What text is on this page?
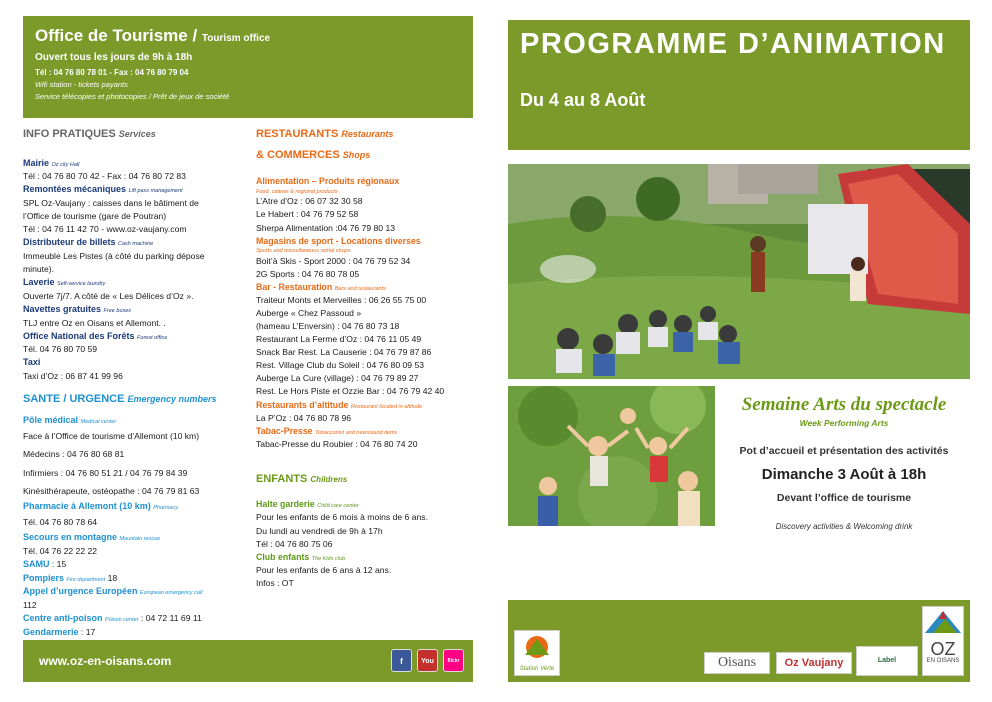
Office de Tourisme / Tourism office
Ouvert tous les jours de 9h à 18h
Tél : 04 76 80 78 01 - Fax : 04 76 80 79 04
Wifi station - tickets payants
Service télécopies et photocopies / Prêt de jeux de société
PROGRAMME D’ANIMATION
Du 4 au 8 Août
INFO PRATIQUES Services
Mairie Oz city Hall
Tél : 04 76 80 70 42 - Fax : 04 76 80 72 83
Remontées mécaniques Lift pass management
SPL Oz-Vaujany : caisses dans le bâtiment de
l’Office de tourisme (gare de Poutran)
Tél : 04 76 11 42 70 - www.oz-vaujany.com
Distributeur de billets Cash machine
Immeuble Les Pistes (à côté du parking dépose
minute).
Laverie Self-service laundry
Ouverte 7j/7. A côté de « Les Délices d’Oz ».
Navettes gratuites Free buses
TLJ entre Oz en Oisans et Allemont. .
Office National des Forêts Forest office
Tél. 04 76 80 70 59
Taxi
Taxi d’Oz : 06 87 41 99 96
SANTE / URGENCE Emergency numbers
Pôle médical Medical center
Face à l’Office de tourisme d’Allemont (10 km)
Médecins : 04 76 80 68 81
Infirmiers : 04 76 80 51 21 / 04 76 79 84 39
Kinésithérapeute, ostéopathe : 04 76 79 81 63
Pharmacie à Allemont (10 km) Pharmacy
Tél. 04 76 80 78 64
Secours en montagne Mountain rescue
Tél. 04 76 22 22 22
SAMU : 15
Pompiers Fire department 18
Appel d’urgence Européen European emergency call
112
Centre anti-poison Poison center : 04 72 11 69 11
Gendarmerie : 17
RESTAURANTS Restaurants
& COMMERCES Shops
Alimentation – Produits régionaux
Food, caterer & regional products
L’Atre d’Oz : 06 07 32 30 58
Le Habert : 04 76 79 52 58
Sherpa Alimentation :04 76 79 80 13
Magasins de sport - Locations diverses
Sports and miscellaneous rental shops
Boit’à Skis - Sport 2000 : 04 76 79 52 34
2G Sports : 04 76 80 78 05
Bar - Restauration Bars and restaurants
Traiteur Monts et Merveilles : 06 26 55 75 00
Auberge « Chez Passoud »
(hameau L’Enversin) : 04 76 80 73 18
Restaurant La Ferme d’Oz : 04 76 11 05 49
Snack Bar Rest. La Causerie : 04 76 79 87 86
Rest. Village Club du Soleil : 04 76 80 09 53
Auberge La Cure (village) : 04 76 79 89 27
Rest. Le Hors Piste et Ozzie Bar : 04 76 79 42 40
Restaurants d’altitude Restaurant located in altitude
La P’Oz : 04 76 80 78 96
Tabac-Presse Tobacconist and newsstand items
Tabac-Presse du Roubier : 04 76 80 74 20
ENFANTS Childrens
Halte garderie Child care center
Pour les enfants de 6 mois à moins de 6 ans.
Du lundi au vendredi de 9h à 17h
Tél : 04 76 80 75 06
Club enfants The Kids club
Pour les enfants de 6 ans à 12 ans.
Infos : OT
www.oz-en-oisans.com	f	You	flickr
Semaine Arts du spectacle
Week Performing Arts
Pot d’accueil et présentation des activités
Dimanche 3 Août à 18h
Devant l’office de tourisme
Discovery activities & Welcoming drink
Station Verte	Oisans	Oz Vaujany	Label
OZ
EN OISANS
